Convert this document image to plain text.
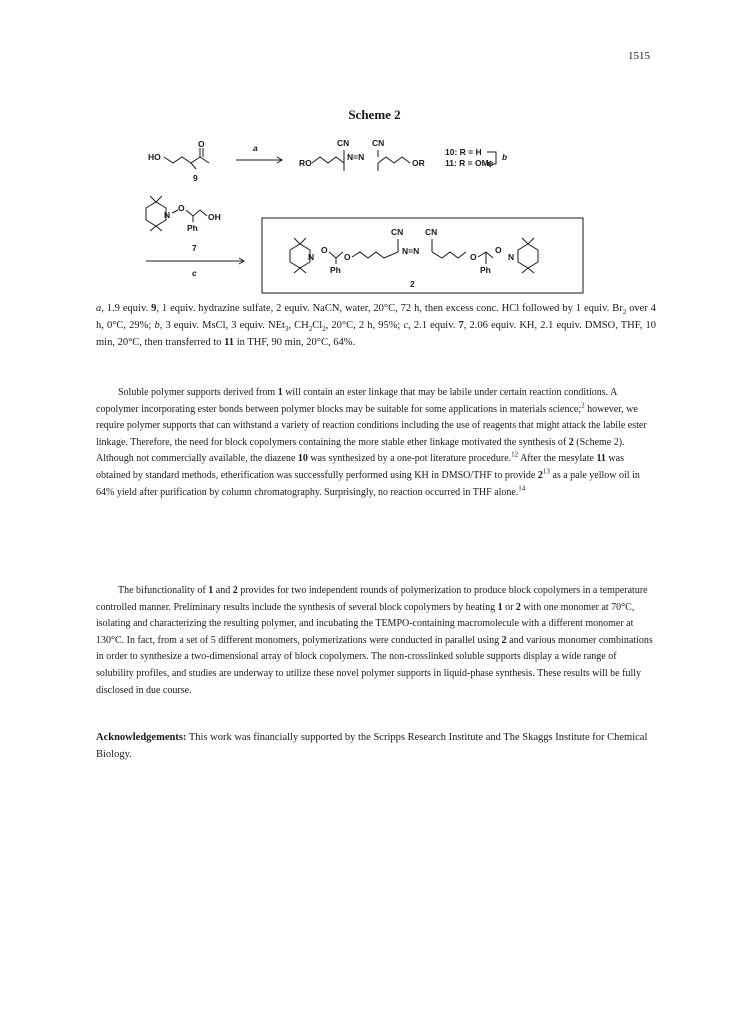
1515
Scheme 2
HO
O
9
a
RO
CN
N=N
CN
OR
10: R = H
11: R = OMs
b
N
O
Ph
OH
7
c
N
O
Ph
O
CN
N=N
CN
O
Ph
O
N
2
a, 1.9 equiv. 9, 1 equiv. hydrazine sulfate, 2 equiv. NaCN, water, 20°C, 72 h, then excess conc. HCl followed by 1 equiv. $Br_2$ over 4 h, 0°C, 29%; b, 3 equiv. MsCl, 3 equiv. NEt$_3$, $CH_2Cl_2$, 20°C, 2 h, 95%; c, 2.1 equiv. 7, 2.06 equiv. KH, 2.1 equiv. DMSO, THF, 10 min, 20°C, then transferred to 11 in THF, 90 min, 20°C, 64%.

Soluble polymer supports derived from 1 will contain an ester linkage that may be labile under certain reaction conditions. A copolymer incorporating ester bonds between polymer blocks may be suitable for some applications in materials science;$^2$ however, we require polymer supports that can withstand a variety of reaction conditions including the use of reagents that might attack the labile ester linkage. Therefore, the need for block copolymers containing the more stable ether linkage motivated the synthesis of 2 (Scheme 2). Although not commercially available, the diazene 10 was synthesized by a one-pot literature procedure.$^{12}$ After the mesylate 11 was obtained by standard methods, etherification was successfully performed using KH in DMSO/THF to provide $2^{13}$ as a pale yellow oil in 64% yield after purification by column chromatography. Surprisingly, no reaction occurred in THF alone.$^{14}$

The bifunctionality of 1 and 2 provides for two independent rounds of polymerization to produce block copolymers in a temperature controlled manner. Preliminary results include the synthesis of several block copolymers by heating 1 or 2 with one monomer at 70°C, isolating and characterizing the resulting polymer, and incubating the TEMPO-containing macromolecule with a different monomer at 130°C. In fact, from a set of 5 different monomers, polymerizations were conducted in parallel using 2 and various monomer combinations in order to synthesize a two-dimensional array of block copolymers. The non-crosslinked soluble supports display a wide range of solubility profiles, and studies are underway to utilize these novel polymer supports in liquid-phase synthesis. These results will be fully disclosed in due course.

Acknowledgements: This work was financially supported by the Scripps Research Institute and The Skaggs Institute for Chemical Biology.
